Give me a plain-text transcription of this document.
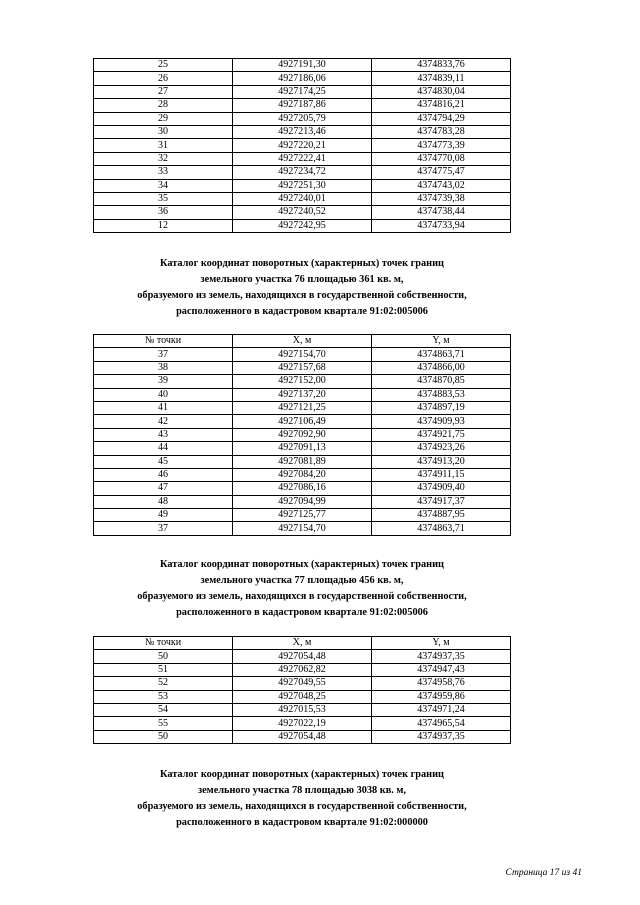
25	4927191,30	4374833,76
26	4927186,06	4374839,11
27	4927174,25	4374830,04
28	4927187,86	4374816,21
29	4927205,79	4374794,29
30	4927213,46	4374783,28
31	4927220,21	4374773,39
32	4927222,41	4374770,08
33	4927234,72	4374775,47
34	4927251,30	4374743,02
35	4927240,01	4374739,38
36	4927240,52	4374738,44
12	4927242,95	4374733,94
Каталог координат поворотных (характерных) точек границ
земельного участка 76 площадью 361 кв. м,
образуемого из земель, находящихся в государственной собственности,
расположенного в кадастровом квартале 91:02:005006
№ точки	X, м	Y, м
37	4927154,70	4374863,71
38	4927157,68	4374866,00
39	4927152,00	4374870,85
40	4927137,20	4374883,53
41	4927121,25	4374897,19
42	4927106,49	4374909,93
43	4927092,90	4374921,75
44	4927091,13	4374923,26
45	4927081,89	4374913,20
46	4927084,20	4374911,15
47	4927086,16	4374909,40
48	4927094,99	4374917,37
49	4927125,77	4374887,95
37	4927154,70	4374863,71
Каталог координат поворотных (характерных) точек границ
земельного участка 77 площадью 456 кв. м,
образуемого из земель, находящихся в государственной собственности,
расположенного в кадастровом квартале 91:02:005006
№ точки	X, м	Y, м
50	4927054,48	4374937,35
51	4927062,82	4374947,43
52	4927049,55	4374958,76
53	4927048,25	4374959,86
54	4927015,53	4374971,24
55	4927022,19	4374965,54
50	4927054,48	4374937,35
Каталог координат поворотных (характерных) точек границ
земельного участка 78 площадью 3038 кв. м,
образуемого из земель, находящихся в государственной собственности,
расположенного в кадастровом квартале 91:02:000000
Страница 17 из 41
